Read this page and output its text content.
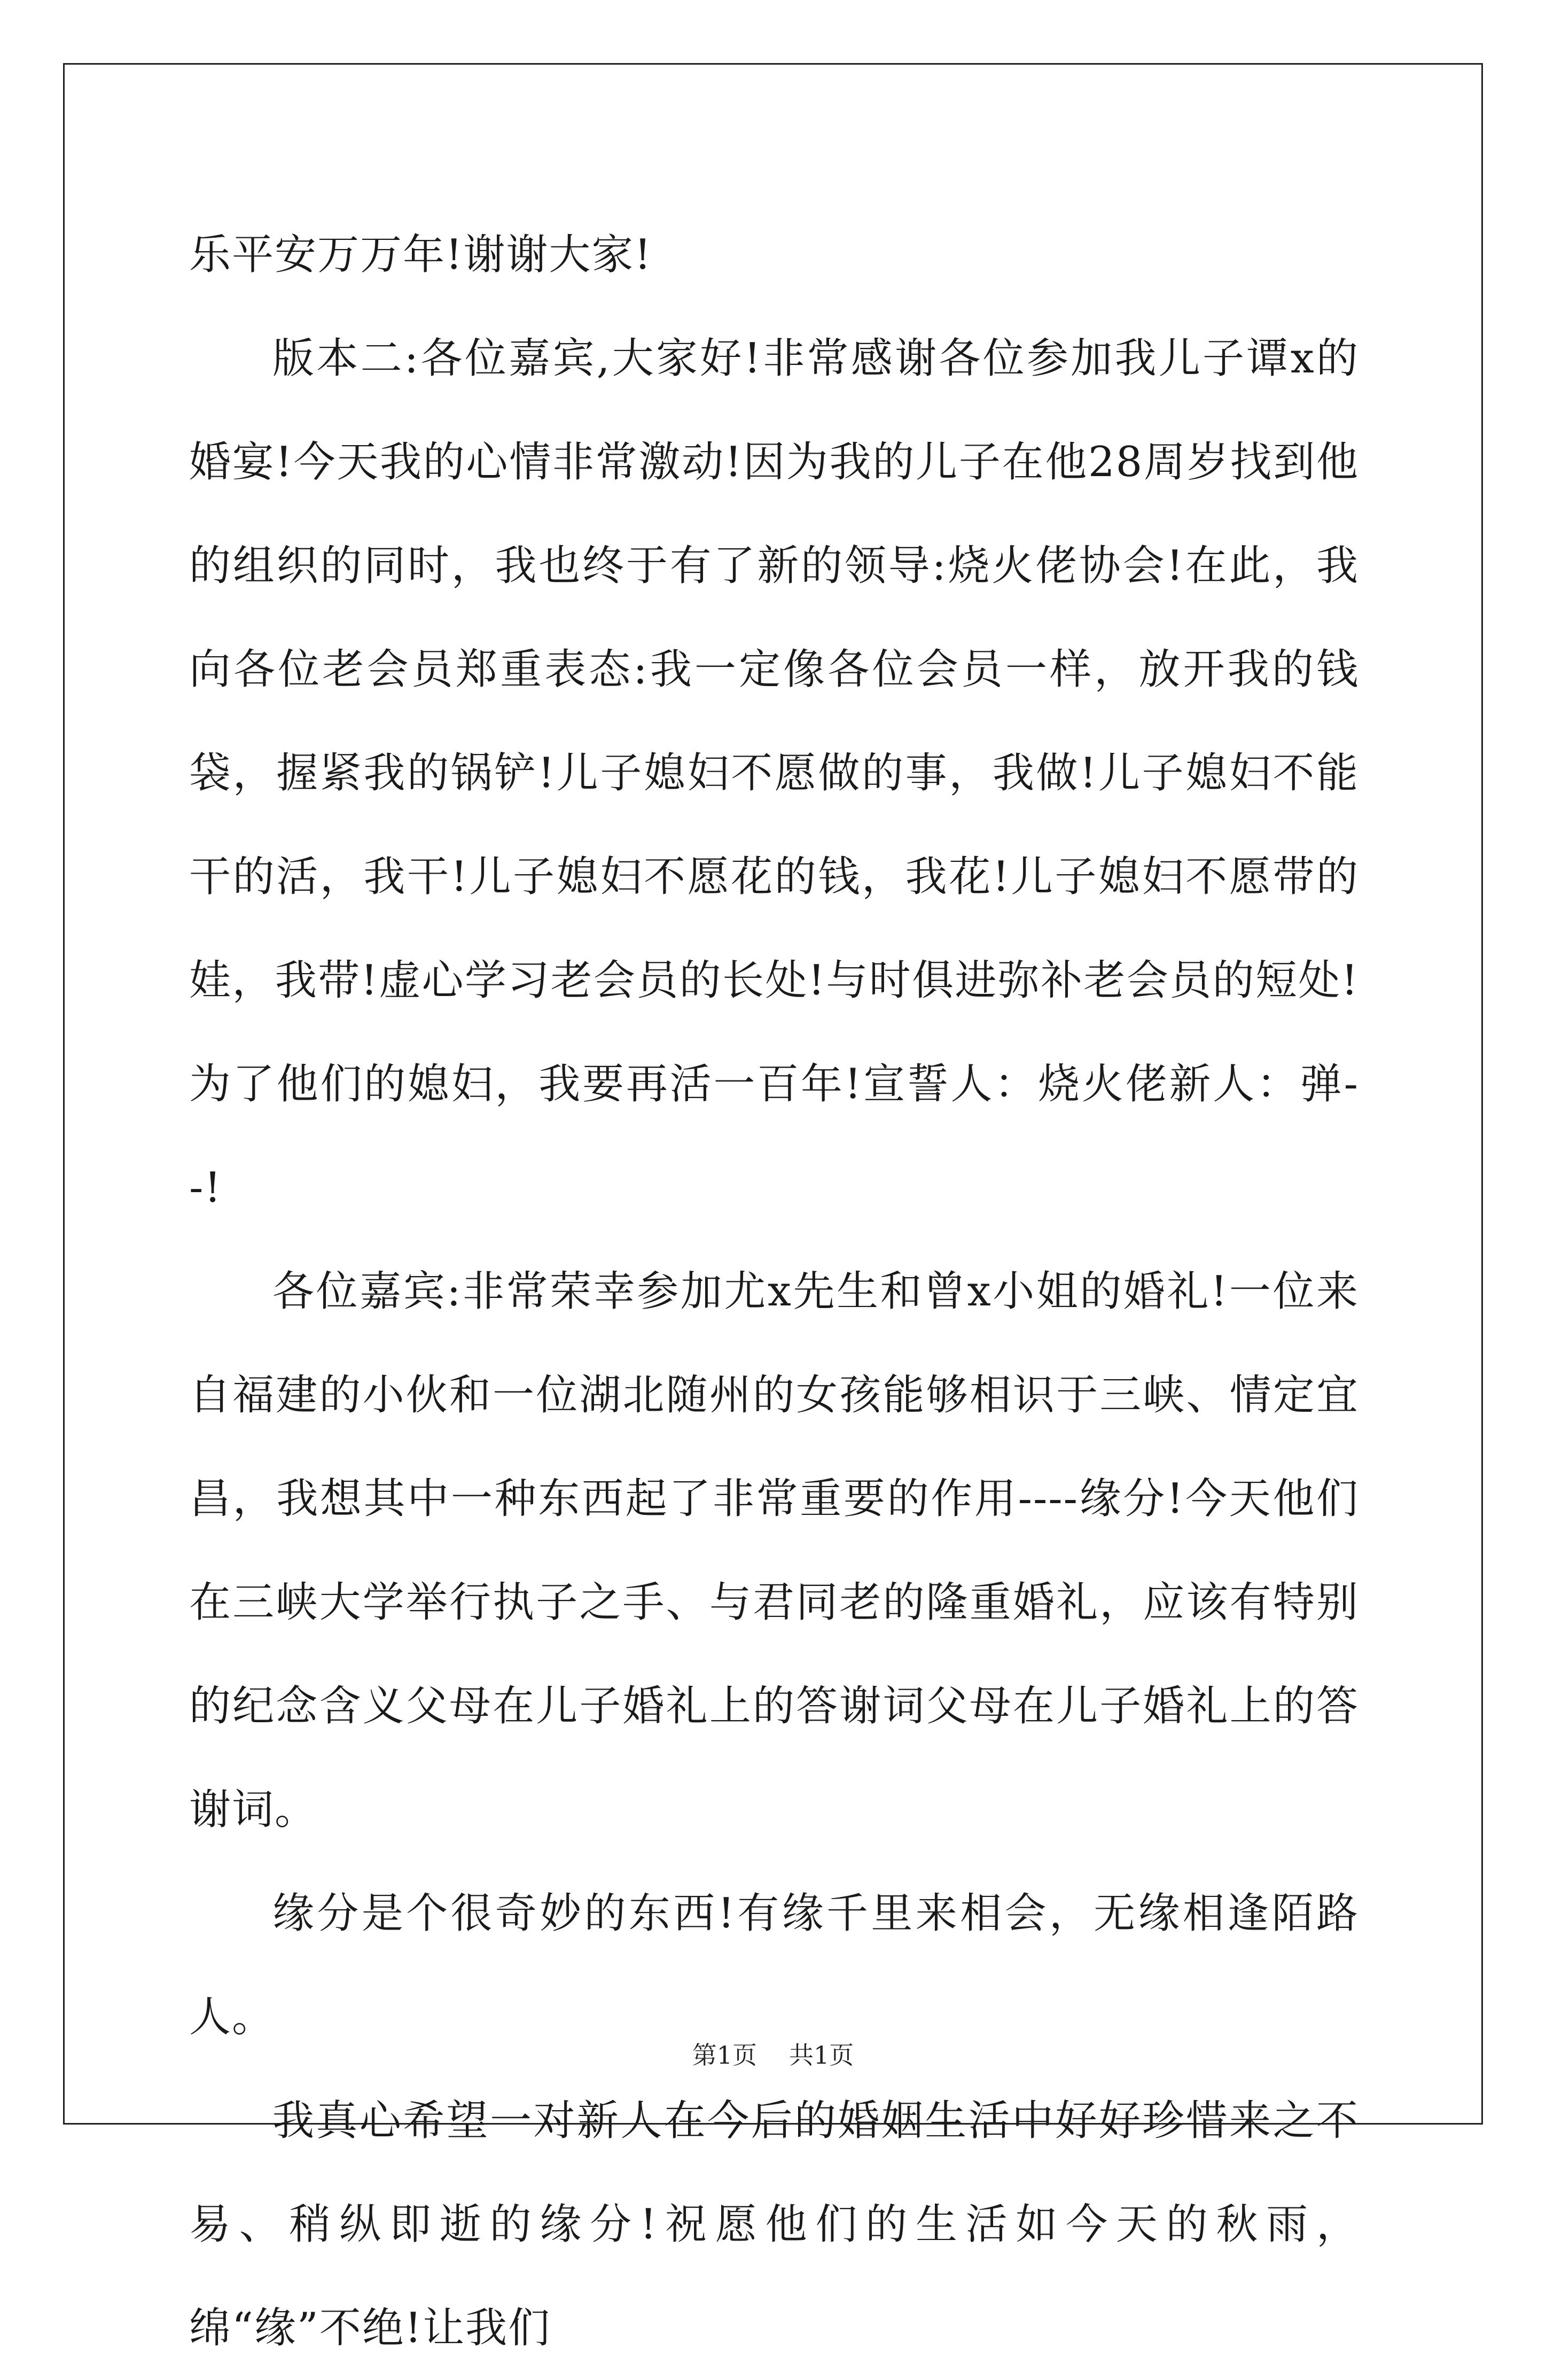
乐平安万万年!谢谢大家!

版本二:各位嘉宾,大家好!非常感谢各位参加我儿子谭x的婚宴!今天我的心情非常激动!因为我的儿子在他28周岁找到他的组织的同时，我也终于有了新的领导:烧火佬协会!在此，我向各位老会员郑重表态:我一定像各位会员一样，放开我的钱袋，握紧我的锅铲!儿子媳妇不愿做的事，我做!儿子媳妇不能干的活，我干!儿子媳妇不愿花的钱，我花!儿子媳妇不愿带的娃，我带!虚心学习老会员的长处!与时俱进弥补老会员的短处!为了他们的媳妇，我要再活一百年!宣誓人：烧火佬新人：弹--!

各位嘉宾:非常荣幸参加尤x先生和曾x小姐的婚礼!一位来自福建的小伙和一位湖北随州的女孩能够相识于三峡、情定宜昌，我想其中一种东西起了非常重要的作用----缘分!今天他们在三峡大学举行执子之手、与君同老的隆重婚礼，应该有特别的纪念含义父母在儿子婚礼上的答谢词父母在儿子婚礼上的答谢词。

缘分是个很奇妙的东西!有缘千里来相会，无缘相逢陌路人。

我真心希望一对新人在今后的婚姻生活中好好珍惜来之不易、稍纵即逝的缘分!祝愿他们的生活如今天的秋雨，绵“缘”不绝!让我们

第1页 共1页
